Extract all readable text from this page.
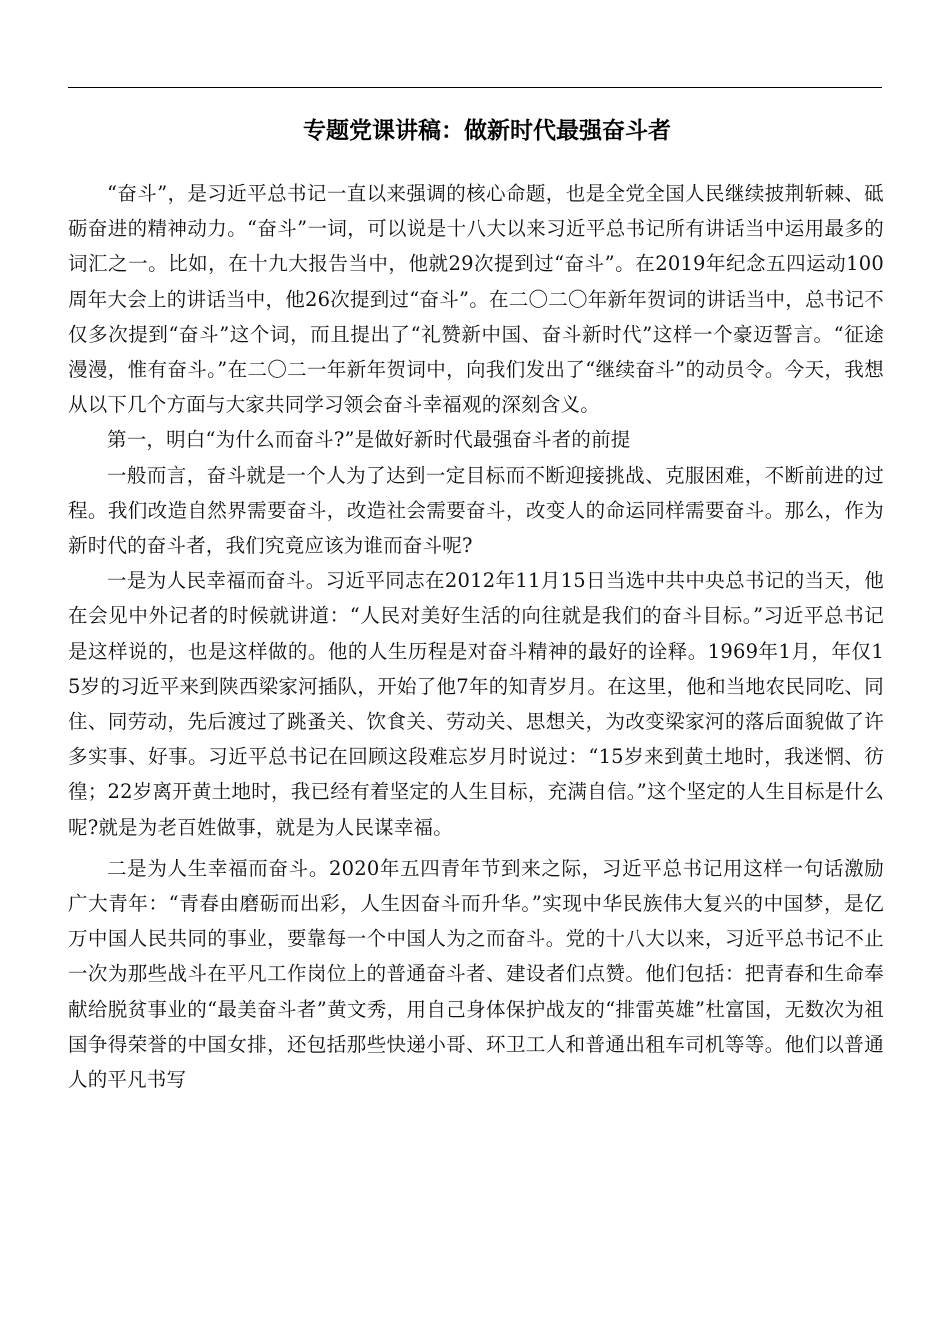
专题党课讲稿：做新时代最强奋斗者

“奋斗”，是习近平总书记一直以来强调的核心命题，也是全党全国人民继续披荆斩棘、砥砺奋进的精神动力。“奋斗”一词，可以说是十八大以来习近平总书记所有讲话当中运用最多的词汇之一。比如，在十九大报告当中，他就29次提到过“奋斗”。在2019年纪念五四运动100周年大会上的讲话当中，他26次提到过“奋斗”。在二〇二〇年新年贺词的讲话当中，总书记不仅多次提到“奋斗”这个词，而且提出了“礼赞新中国、奋斗新时代”这样一个豪迈誓言。“征途漫漫，惟有奋斗。”在二〇二一年新年贺词中，向我们发出了“继续奋斗”的动员令。今天，我想从以下几个方面与大家共同学习领会奋斗幸福观的深刻含义。

第一，明白“为什么而奋斗?”是做好新时代最强奋斗者的前提

一般而言，奋斗就是一个人为了达到一定目标而不断迎接挑战、克服困难，不断前进的过程。我们改造自然界需要奋斗，改造社会需要奋斗，改变人的命运同样需要奋斗。那么，作为新时代的奋斗者，我们究竟应该为谁而奋斗呢?

一是为人民幸福而奋斗。习近平同志在2012年11月15日当选中共中央总书记的当天，他在会见中外记者的时候就讲道：“人民对美好生活的向往就是我们的奋斗目标。”习近平总书记是这样说的，也是这样做的。他的人生历程是对奋斗精神的最好的诠释。1969年1月，年仅15岁的习近平来到陕西梁家河插队，开始了他7年的知青岁月。在这里，他和当地农民同吃、同住、同劳动，先后渡过了跳蚤关、饮食关、劳动关、思想关，为改变梁家河的落后面貌做了许多实事、好事。习近平总书记在回顾这段难忘岁月时说过：“15岁来到黄土地时，我迷惘、彷徨；22岁离开黄土地时，我已经有着坚定的人生目标，充满自信。”这个坚定的人生目标是什么呢?就是为老百姓做事，就是为人民谋幸福。

二是为人生幸福而奋斗。2020年五四青年节到来之际，习近平总书记用这样一句话激励广大青年：“青春由磨砺而出彩，人生因奋斗而升华。”实现中华民族伟大复兴的中国梦，是亿万中国人民共同的事业，要靠每一个中国人为之而奋斗。党的十八大以来，习近平总书记不止一次为那些战斗在平凡工作岗位上的普通奋斗者、建设者们点赞。他们包括：把青春和生命奉献给脱贫事业的“最美奋斗者”黄文秀，用自己身体保护战友的“排雷英雄”杜富国，无数次为祖国争得荣誉的中国女排，还包括那些快递小哥、环卫工人和普通出租车司机等等。他们以普通人的平凡书写
